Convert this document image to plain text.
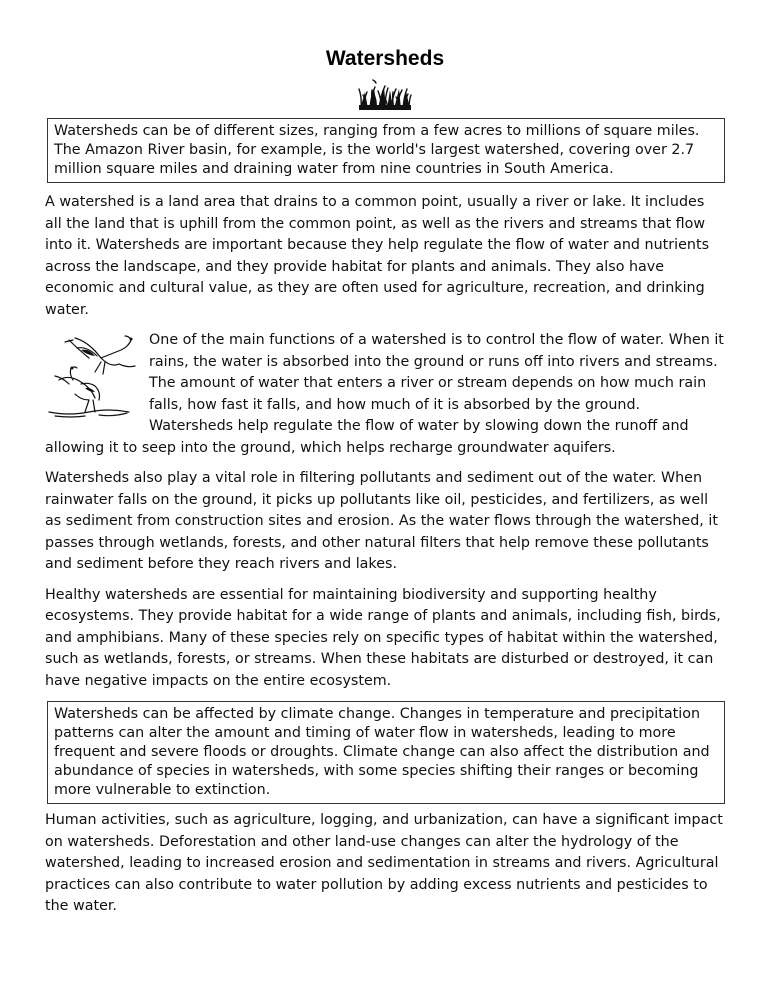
Watersheds
Watersheds can be of different sizes, ranging from a few acres to millions of square miles. The Amazon River basin, for example, is the world's largest watershed, covering over 2.7 million square miles and draining water from nine countries in South America.

A watershed is a land area that drains to a common point, usually a river or lake. It includes all the land that is uphill from the common point, as well as the rivers and streams that flow into it. Watersheds are important because they help regulate the flow of water and nutrients across the landscape, and they provide habitat for plants and animals. They also have economic and cultural value, as they are often used for agriculture, recreation, and drinking water.

One of the main functions of a watershed is to control the flow of water. When it rains, the water is absorbed into the ground or runs off into rivers and streams. The amount of water that enters a river or stream depends on how much rain falls, how fast it falls, and how much of it is absorbed by the ground. Watersheds help regulate the flow of water by slowing down the runoff and allowing it to seep into the ground, which helps recharge groundwater aquifers.

Watersheds also play a vital role in filtering pollutants and sediment out of the water. When rainwater falls on the ground, it picks up pollutants like oil, pesticides, and fertilizers, as well as sediment from construction sites and erosion. As the water flows through the watershed, it passes through wetlands, forests, and other natural filters that help remove these pollutants and sediment before they reach rivers and lakes.

Healthy watersheds are essential for maintaining biodiversity and supporting healthy ecosystems. They provide habitat for a wide range of plants and animals, including fish, birds, and amphibians. Many of these species rely on specific types of habitat within the watershed, such as wetlands, forests, or streams. When these habitats are disturbed or destroyed, it can have negative impacts on the entire ecosystem.

Watersheds can be affected by climate change. Changes in temperature and precipitation patterns can alter the amount and timing of water flow in watersheds, leading to more frequent and severe floods or droughts. Climate change can also affect the distribution and abundance of species in watersheds, with some species shifting their ranges or becoming more vulnerable to extinction.

Human activities, such as agriculture, logging, and urbanization, can have a significant impact on watersheds. Deforestation and other land-use changes can alter the hydrology of the watershed, leading to increased erosion and sedimentation in streams and rivers. Agricultural practices can also contribute to water pollution by adding excess nutrients and pesticides to the water.
